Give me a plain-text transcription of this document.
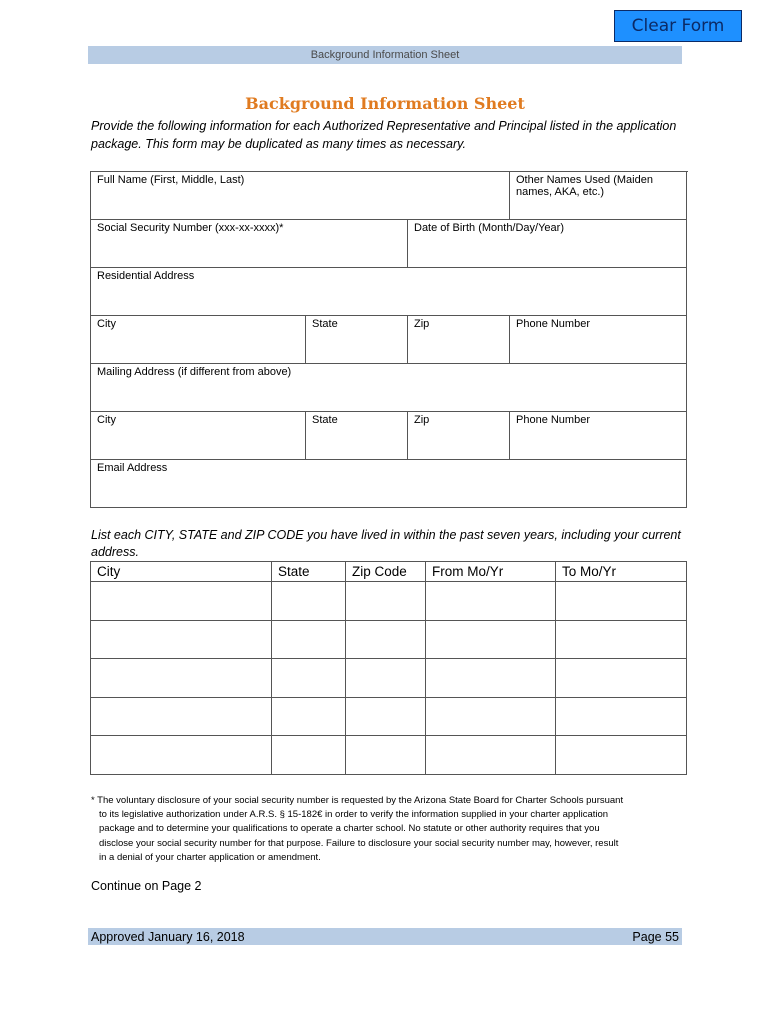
Clear Form
Background Information Sheet
Background Information Sheet
Provide the following information for each Authorized Representative and Principal listed in the application package. This form may be duplicated as many times as necessary.
Full Name (First, Middle, Last)			Other Names Used (Maiden names, AKA, etc.)
Social Security Number (xxx-xx-xxxx)*		Date of Birth (Month/Day/Year)	
Residential Address			
City	State	Zip	Phone Number
Mailing Address (if different from above)			
City	State	Zip	Phone Number
Email Address			
List each CITY, STATE and ZIP CODE you have lived in within the past seven years, including your current address.
City	State	Zip Code	From Mo/Yr	To Mo/Yr

* The voluntary disclosure of your social security number is requested by the Arizona State Board for Charter Schools pursuant
to its legislative authorization under A.R.S. § 15-182€ in order to verify the information supplied in your charter application
package and to determine your qualifications to operate a charter school. No statute or other authority requires that you
disclose your social security number for that purpose. Failure to disclosure your social security number may, however, result
in a denial of your charter application or amendment.
Continue on Page 2
Approved January 16, 2018	Page 55
